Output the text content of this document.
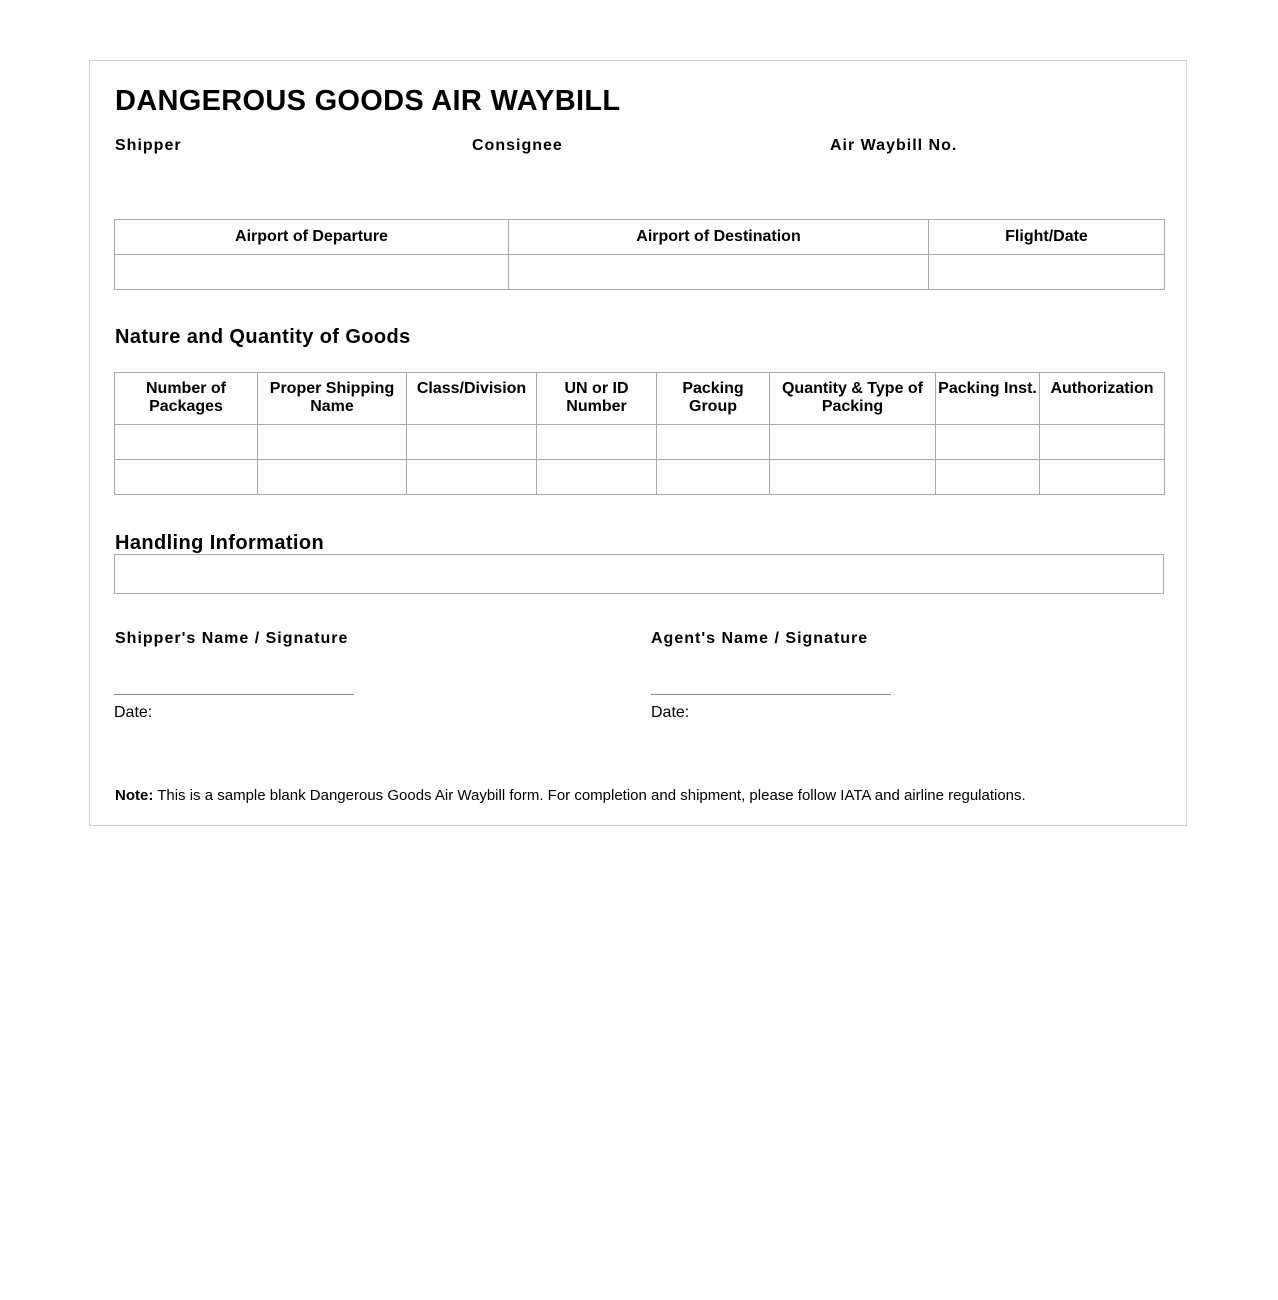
DANGEROUS GOODS AIR WAYBILL
Shipper	Consignee	Air Waybill No.
Airport of Departure	Airport of Destination	Flight/Date

Nature and Quantity of Goods
Number of Packages	Proper Shipping Name	Class/Division	UN or ID Number	Packing Group	Quantity & Type of Packing	Packing Inst.	Authorization

Handling Information
Shipper's Name / Signature
Date:
Agent's Name / Signature
Date:

Note: This is a sample blank Dangerous Goods Air Waybill form. For completion and shipment, please follow IATA and airline regulations.
